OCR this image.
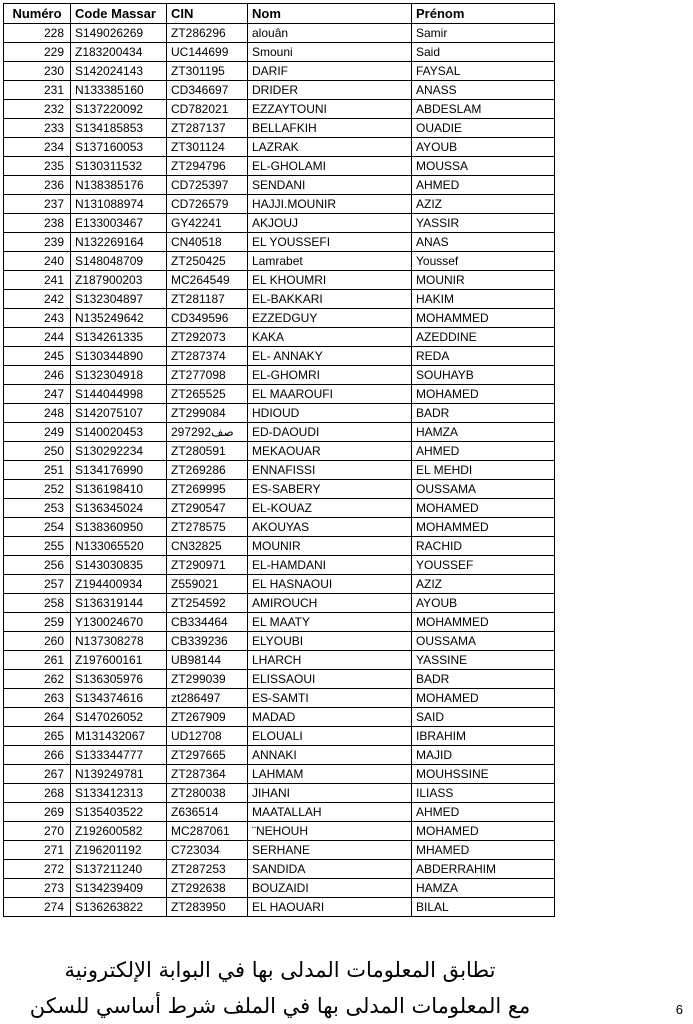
Numéro	Code Massar	CIN	Nom	Prénom
228	S149026269	ZT286296	alouân	Samir
229	Z183200434	UC144699	Smouni	Said
230	S142024143	ZT301195	DARIF	FAYSAL
231	N133385160	CD346697	DRIDER	ANASS
232	S137220092	CD782021	EZZAYTOUNI	ABDESLAM
233	S134185853	ZT287137	BELLAFKIH	OUADIE
234	S137160053	ZT301124	LAZRAK	AYOUB
235	S130311532	ZT294796	EL-GHOLAMI	MOUSSA
236	N138385176	CD725397	SENDANI	AHMED
237	N131088974	CD726579	HAJJI.MOUNIR	AZIZ
238	E133003467	GY42241	AKJOUJ	YASSIR
239	N132269164	CN40518	EL YOUSSEFI	ANAS
240	S148048709	ZT250425	Lamrabet	Youssef
241	Z187900203	MC264549	EL KHOUMRI	MOUNIR
242	S132304897	ZT281187	EL-BAKKARI	HAKIM
243	N135249642	CD349596	EZZEDGUY	MOHAMMED
244	S134261335	ZT292073	KAKA	AZEDDINE
245	S130344890	ZT287374	EL- ANNAKY	REDA
246	S132304918	ZT277098	EL-GHOMRI	SOUHAYB
247	S144044998	ZT265525	EL MAAROUFI	MOHAMED
248	S142075107	ZT299084	HDIOUD	BADR
249	S140020453	صف297292	ED-DAOUDI	HAMZA
250	S130292234	ZT280591	MEKAOUAR	AHMED
251	S134176990	ZT269286	ENNAFISSI	EL MEHDI
252	S136198410	ZT269995	ES-SABERY	OUSSAMA
253	S136345024	ZT290547	EL-KOUAZ	MOHAMED
254	S138360950	ZT278575	AKOUYAS	MOHAMMED
255	N133065520	CN32825	MOUNIR	RACHID
256	S143030835	ZT290971	EL-HAMDANI	YOUSSEF
257	Z194400934	Z559021	EL HASNAOUI	AZIZ
258	S136319144	ZT254592	AMIROUCH	AYOUB
259	Y130024670	CB334464	EL MAATY	MOHAMMED
260	N137308278	CB339236	ELYOUBI	OUSSAMA
261	Z197600161	UB98144	LHARCH	YASSINE
262	S136305976	ZT299039	ELISSAOUI	BADR
263	S134374616	zt286497	ES-SAMTI	MOHAMED
264	S147026052	ZT267909	MADAD	SAID
265	M131432067	UD12708	ELOUALI	IBRAHIM
266	S133344777	ZT297665	ANNAKI	MAJID
267	N139249781	ZT287364	LAHMAM	MOUHSSINE
268	S133412313	ZT280038	JIHANI	ILIASS
269	S135403522	Z636514	MAATALLAH	AHMED
270	Z192600582	MC287061	¨NEHOUH	MOHAMED
271	Z196201192	C723034	SERHANE	MHAMED
272	S137211240	ZT287253	SANDIDA	ABDERRAHIM
273	S134239409	ZT292638	BOUZAIDI	HAMZA
274	S136263822	ZT283950	EL HAOUARI	BILAL
تطابق المعلومات المدلى بها في البوابة الإلكترونية
مع المعلومات المدلى بها في الملف شرط أساسي للسكن	6
